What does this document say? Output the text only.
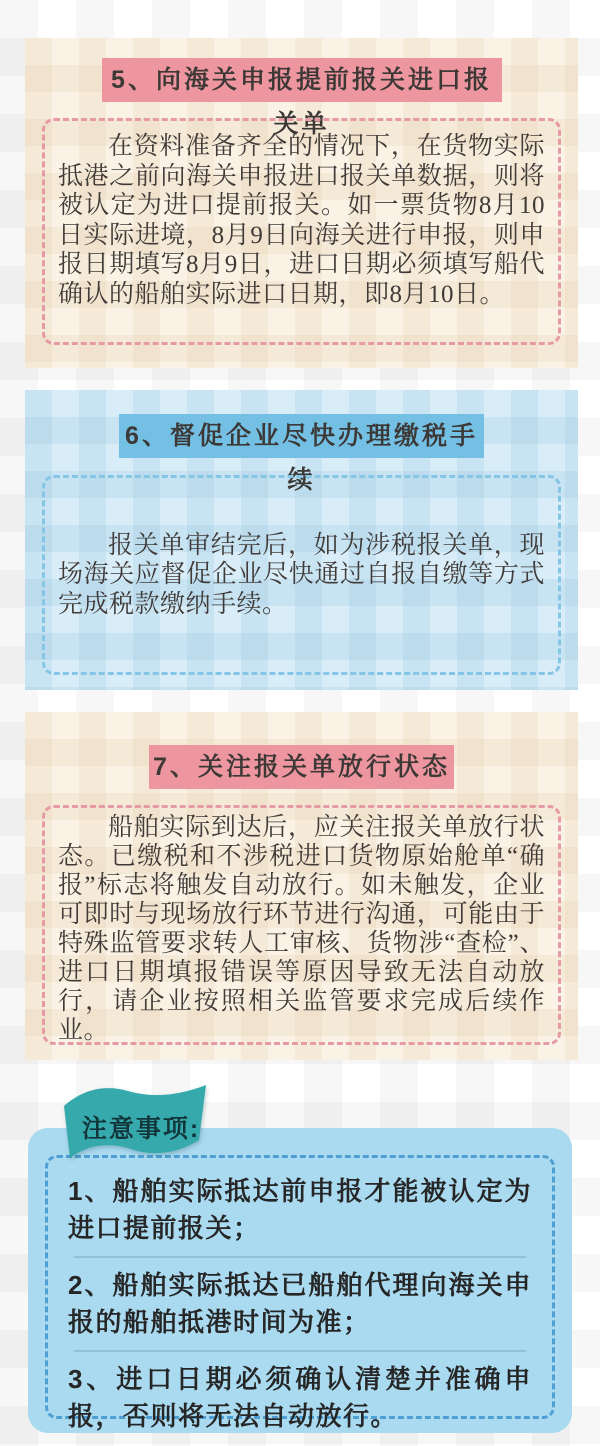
5、向海关申报提前报关进口报关单

在资料准备齐全的情况下，在货物实际抵港之前向海关申报进口报关单数据，则将被认定为进口提前报关。如一票货物8月10日实际进境，8月9日向海关进行申报，则申报日期填写8月9日，进口日期必须填写船代确认的船舶实际进口日期，即8月10日。

6、督促企业尽快办理缴税手续

报关单审结完后，如为涉税报关单，现场海关应督促企业尽快通过自报自缴等方式完成税款缴纳手续。

7、关注报关单放行状态

船舶实际到达后，应关注报关单放行状态。已缴税和不涉税进口货物原始舱单“确报”标志将触发自动放行。如未触发，企业可即时与现场放行环节进行沟通，可能由于特殊监管要求转人工审核、货物涉“查检”、进口日期填报错误等原因导致无法自动放行，请企业按照相关监管要求完成后续作业。

1、船舶实际抵达前申报才能被认定为进口提前报关；
2、船舶实际抵达已船舶代理向海关申报的船舶抵港时间为准；
3、进口日期必须确认清楚并准确申报，否则将无法自动放行。
注意事项:
